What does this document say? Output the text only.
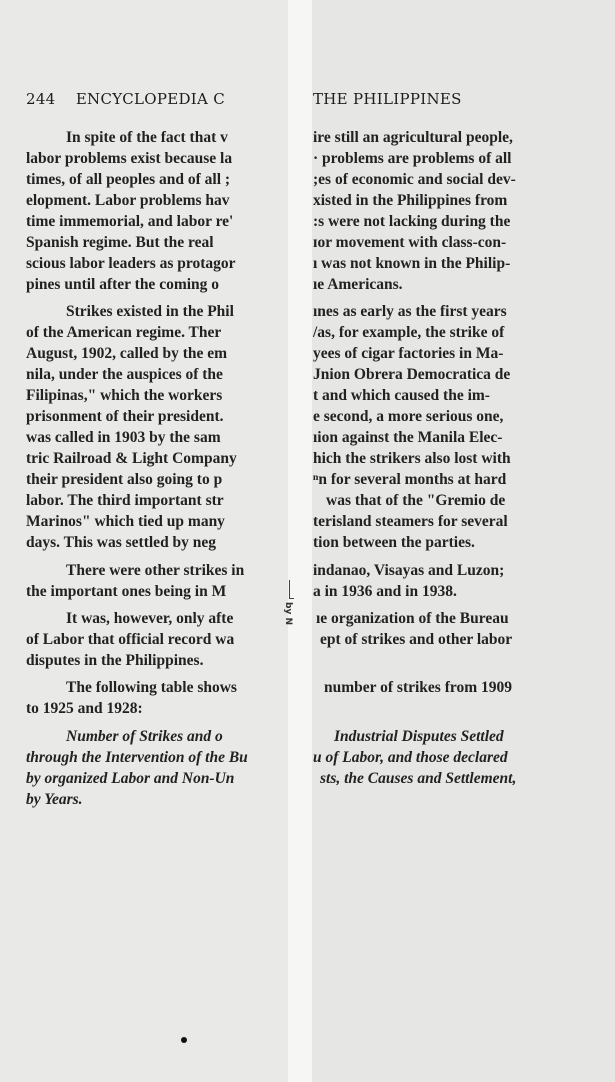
244 ENCYCLOPEDIA C	THE PHILIPPINES
In spite of the fact that v
labor problems exist because la
times, of all peoples and of all ;
elopment. Labor problems hav
time immemorial, and labor re'
Spanish regime. But the real
scious labor leaders as protagor
pines until after the coming o
Strikes existed in the Phil
of the American regime. Ther
August, 1902, called by the em
nila, under the auspices of the
Filipinas," which the workers
prisonment of their president.
was called in 1903 by the sam
tric Railroad & Light Company
their president also going to p
labor. The third important str
Marinos" which tied up many
days. This was settled by neg
There were other strikes in
the important ones being in M
It was, however, only afte
of Labor that official record wa
disputes in the Philippines.
The following table shows
to 1925 and 1928:
Number of Strikes and o
through the Intervention of the Bu
by organized Labor and Non-Un
by Years.
ire still an agricultural people,
· problems are problems of all
;es of economic and social dev-
xisted in the Philippines from
:s were not lacking during the
ɪor movement with class-con-
ı was not known in the Philip-
ıe Americans.
ınes as early as the first years
/as, for example, the strike of
yees of cigar factories in Ma-
Jnion Obrera Democratica de
t and which caused the im-
e second, a more serious one,
ıion against the Manila Elec-
hich the strikers also lost with
ⁿn for several months at hard
was that of the "Gremio de
terisland steamers for several
tion between the parties.
indanao, Visayas and Luzon;
a in 1936 and in 1938.
ıe organization of the Bureau
ept of strikes and other labor
number of strikes from 1909
Industrial Disputes Settled
u of Labor, and those declared
sts, the Causes and Settlement,
by N
